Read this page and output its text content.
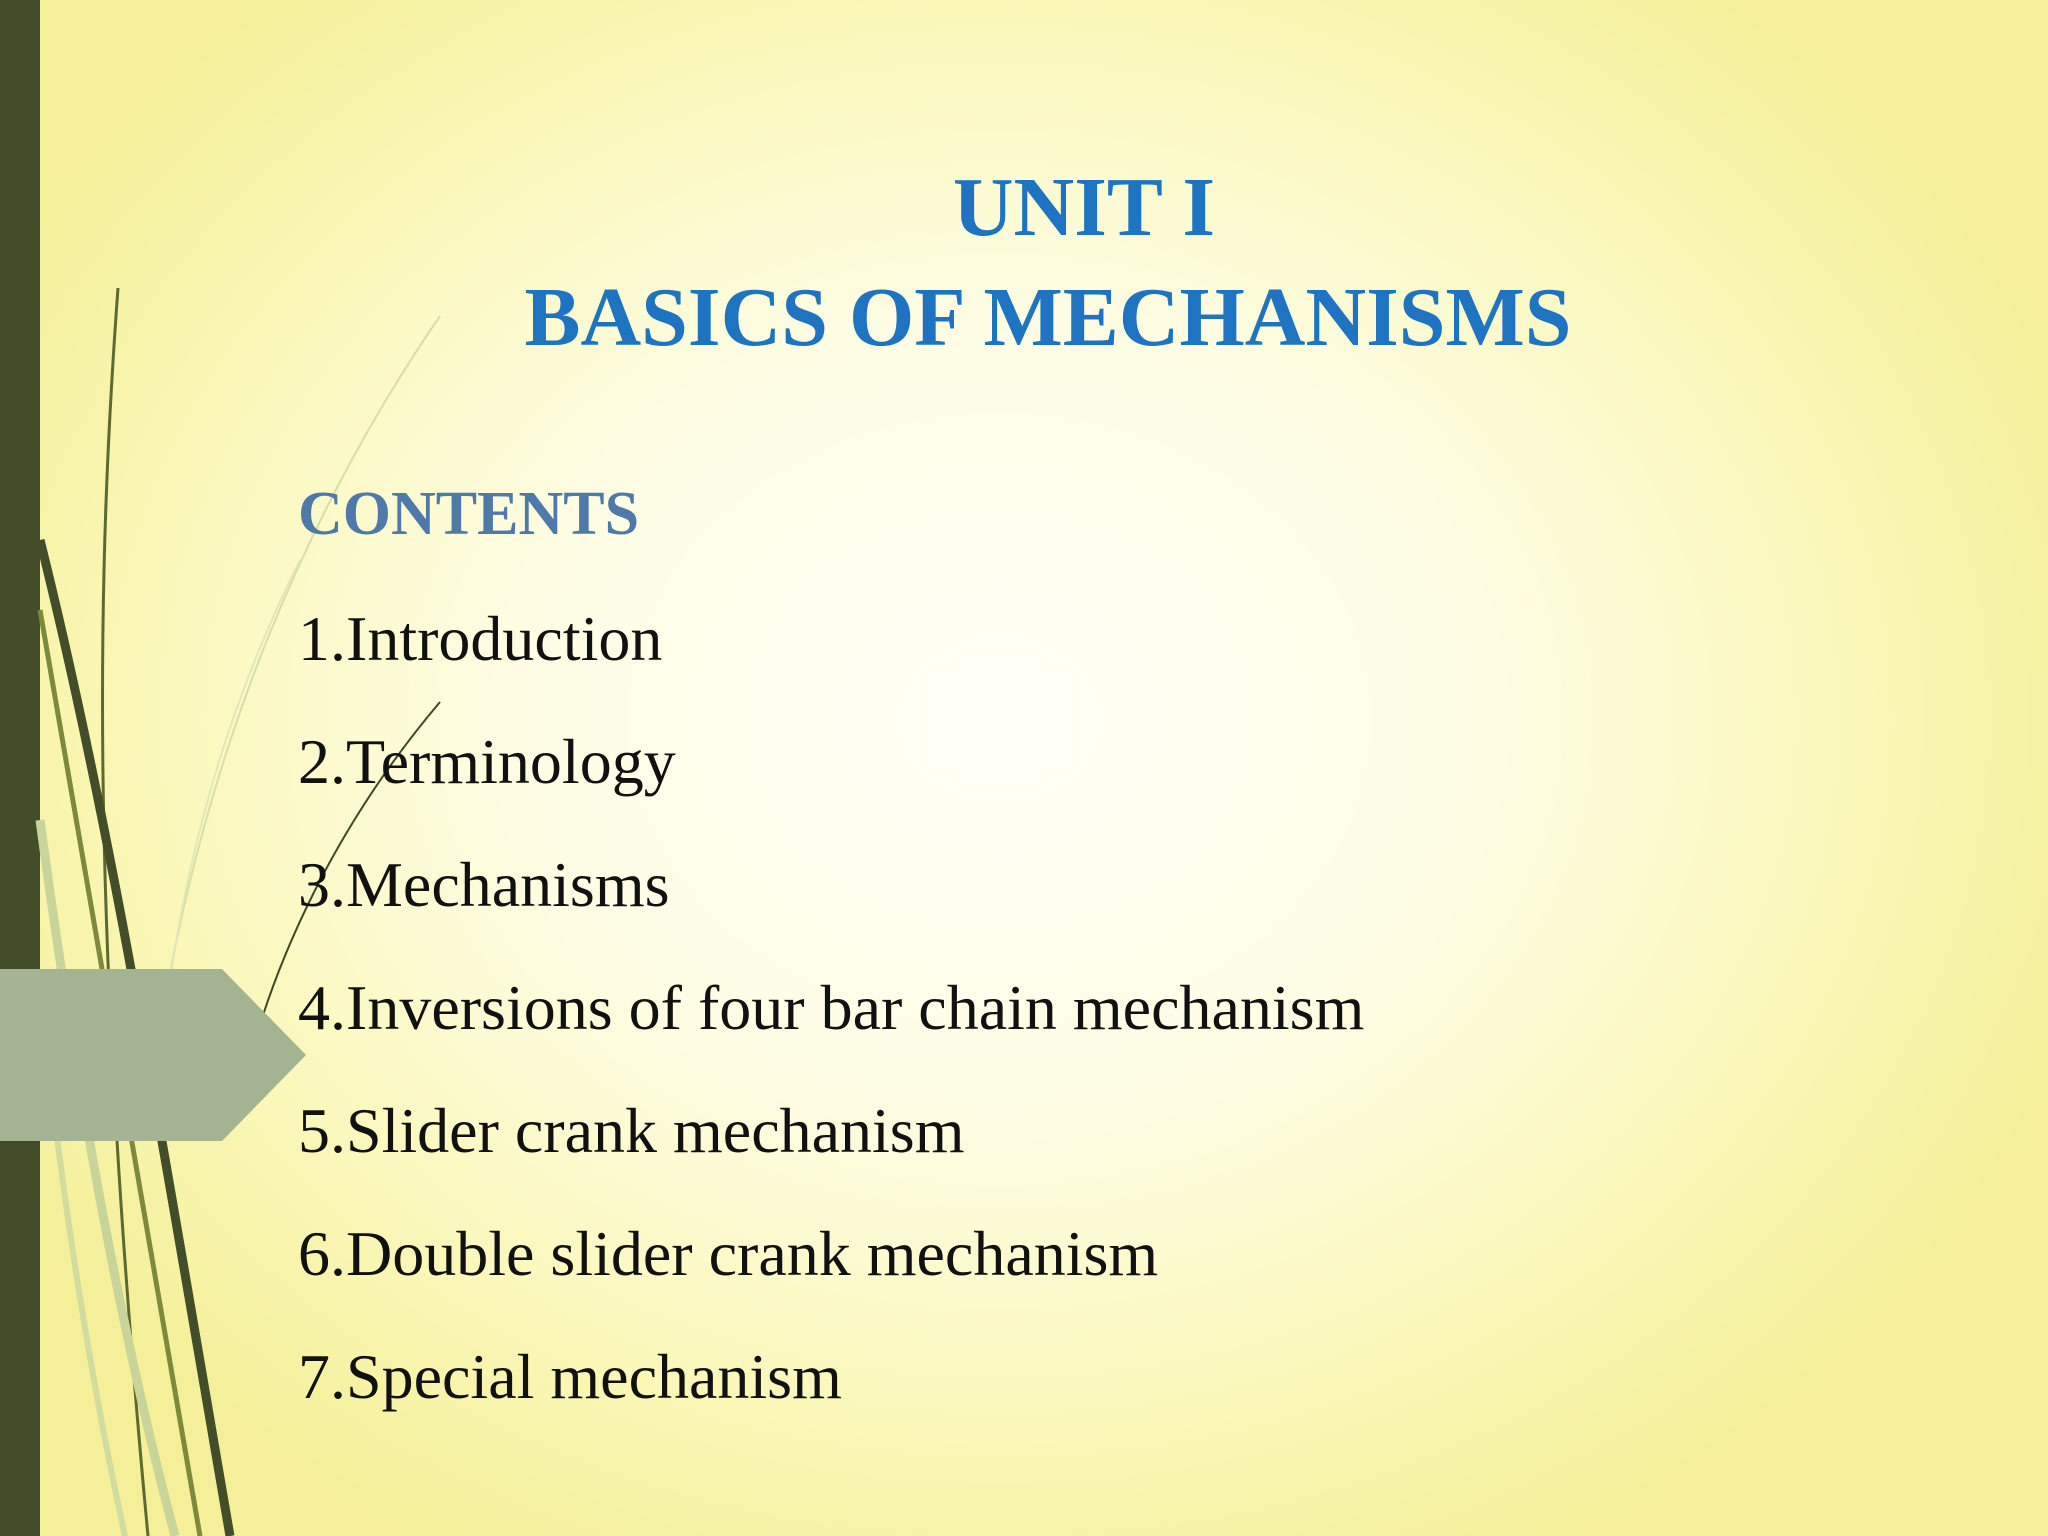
UNIT I
BASICS OF MECHANISMS
CONTENTS
1.Introduction
2.Terminology
3.Mechanisms
4.Inversions of four bar chain mechanism
5.Slider crank mechanism
6.Double slider crank mechanism
7.Special mechanism
